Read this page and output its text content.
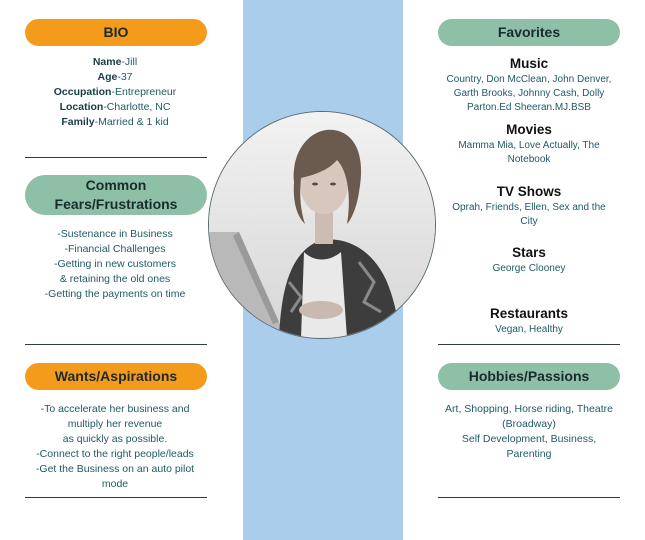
BIO
Name-Jill
Age-37
Occupation-Entrepreneur
Location-Charlotte, NC
Family-Married & 1 kid
Common
Fears/Frustrations
-Sustenance in Business
-Financial Challenges
-Getting in new customers
& retaining the old ones
-Getting the payments on time
Wants/Aspirations
-To accelerate her business and
multiply her revenue
as quickly as possible.
-Connect to the right people/leads
-Get the Business on an auto pilot
mode
Favorites
Music
Country, Don McClean, John Denver,
Garth Brooks, Johnny Cash, Dolly
Parton.Ed Sheeran.MJ.BSB
Movies
Mamma Mia, Love Actually, The
Notebook
TV Shows
Oprah, Friends, Ellen, Sex and the
City
Stars
George Clooney
Restaurants
Vegan, Healthy
Hobbies/Passions
Art, Shopping, Horse riding, Theatre
(Broadway)
Self Development, Business,
Parenting
